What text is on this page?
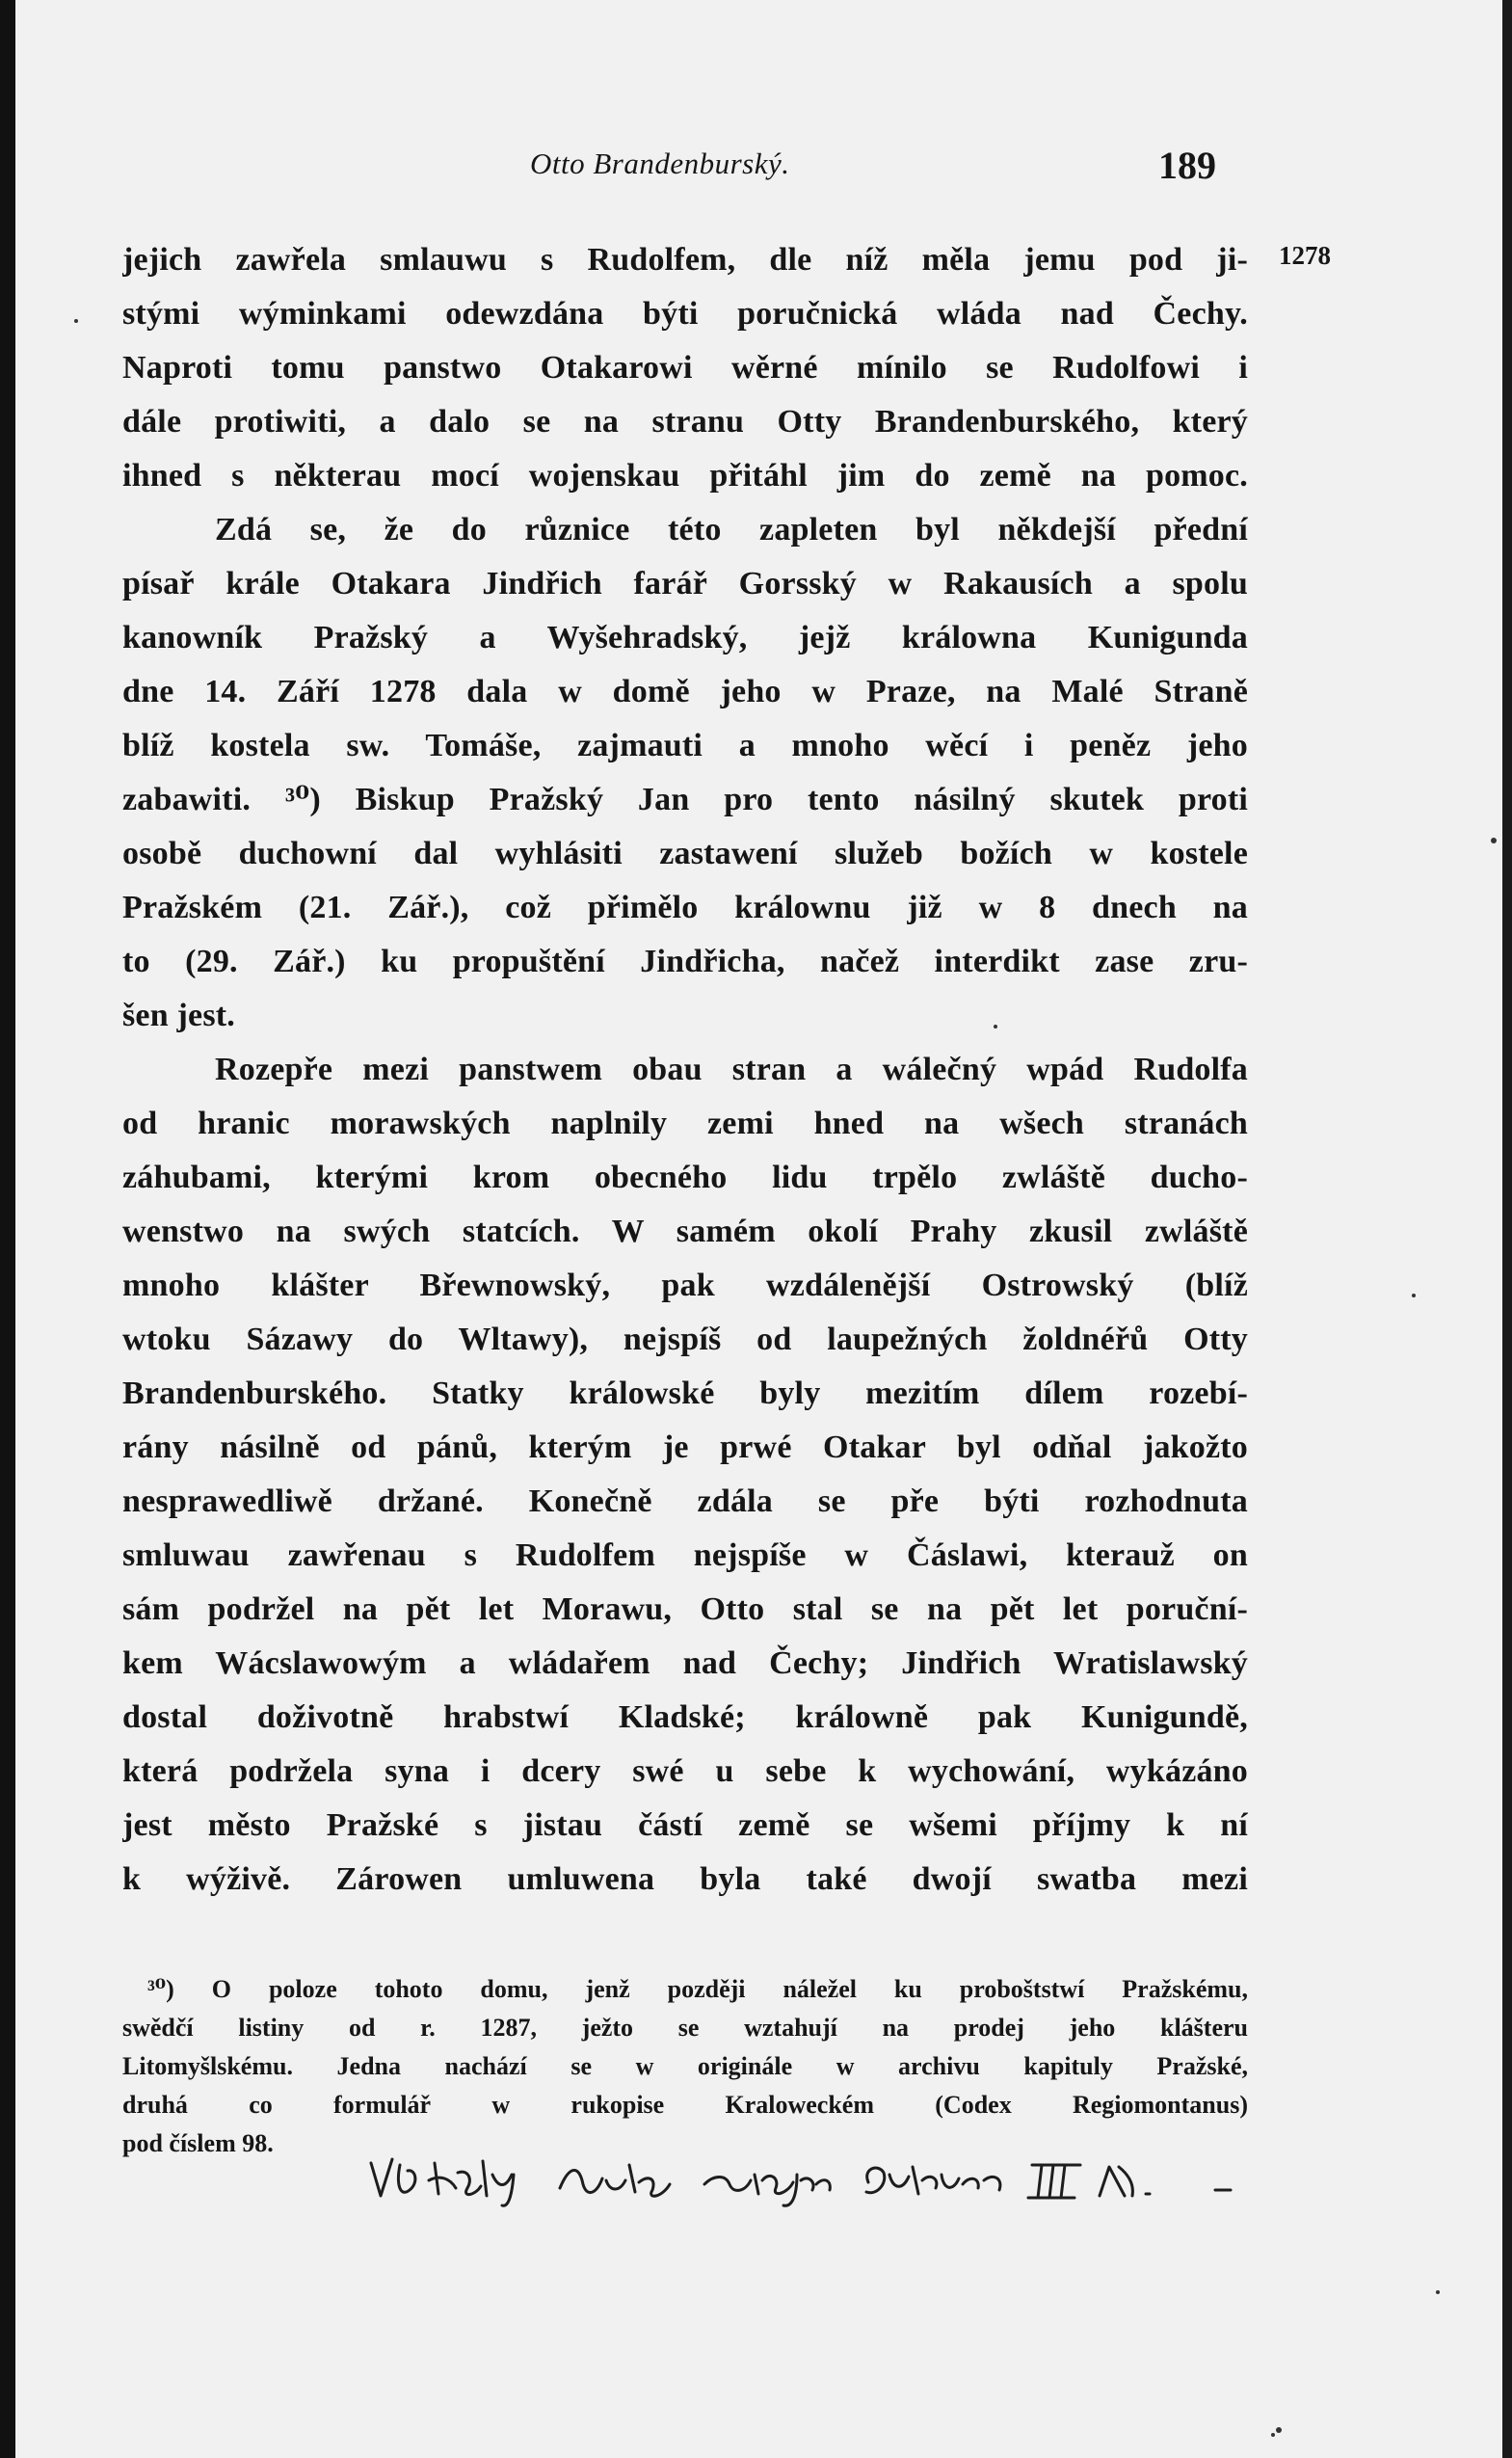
Otto Brandenburský.	189
1278
jejich zawřela smlauwu s Rudolfem, dle níž měla jemu pod ji-
stými wýminkami odewzdána býti poručnická wláda nad Čechy.
Naproti tomu panstwo Otakarowi wěrné mínilo se Rudolfowi i
dále protiwiti, a dalo se na stranu Otty Brandenburského, který
ihned s některau mocí wojenskau přitáhl jim do země na pomoc.
Zdá se, že do různice této zapleten byl někdejší přední
písař krále Otakara Jindřich farář Gorsský w Rakausích a spolu
kanowník Pražský a Wyšehradský, jejž králowna Kunigunda
dne 14. Září 1278 dala w domě jeho w Praze, na Malé Straně
blíž kostela sw. Tomáše, zajmauti a mnoho wěcí i peněz jeho
zabawiti. ³⁰) Biskup Pražský Jan pro tento násilný skutek proti
osobě duchowní dal wyhlásiti zastawení služeb božích w kostele
Pražském (21. Zář.), což přimělo králownu již w 8 dnech na
to (29. Zář.) ku propuštění Jindřicha, načež interdikt zase zru-
šen jest.
Rozepře mezi panstwem obau stran a wálečný wpád Rudolfa
od hranic morawských naplnily zemi hned na wšech stranách
záhubami, kterými krom obecného lidu trpělo zwláště ducho-
wenstwo na swých statcích. W samém okolí Prahy zkusil zwláště
mnoho klášter Břewnowský, pak wzdálenější Ostrowský (blíž
wtoku Sázawy do Wltawy), nejspíš od laupežných žoldnéřů Otty
Brandenburského. Statky králowské byly mezitím dílem rozebí-
rány násilně od pánů, kterým je prwé Otakar byl odňal jakožto
nesprawedliwě držané. Konečně zdála se pře býti rozhodnuta
smluwau zawřenau s Rudolfem nejspíše w Čáslawi, kterauž on
sám podržel na pět let Morawu, Otto stal se na pět let poruční-
kem Wácslawowým a wládařem nad Čechy; Jindřich Wratislawský
dostal doživotně hrabstwí Kladské; králowně pak Kunigundě,
která podržela syna i dcery swé u sebe k wychowání, wykázáno
jest město Pražské s jistau částí země se wšemi příjmy k ní
k wýživě. Zárowen umluwena byla také dwojí swatba mezi
³⁰) O poloze tohoto domu, jenž později náležel ku proboštstwí Pražskému,
swědčí listiny od r. 1287, ježto se wztahují na prodej jeho klášteru
Litomyšlskému. Jedna nachází se w originále w archivu kapituly Pražské,
druhá co formulář w rukopise Kraloweckém (Codex Regiomontanus)
pod číslem 98.
